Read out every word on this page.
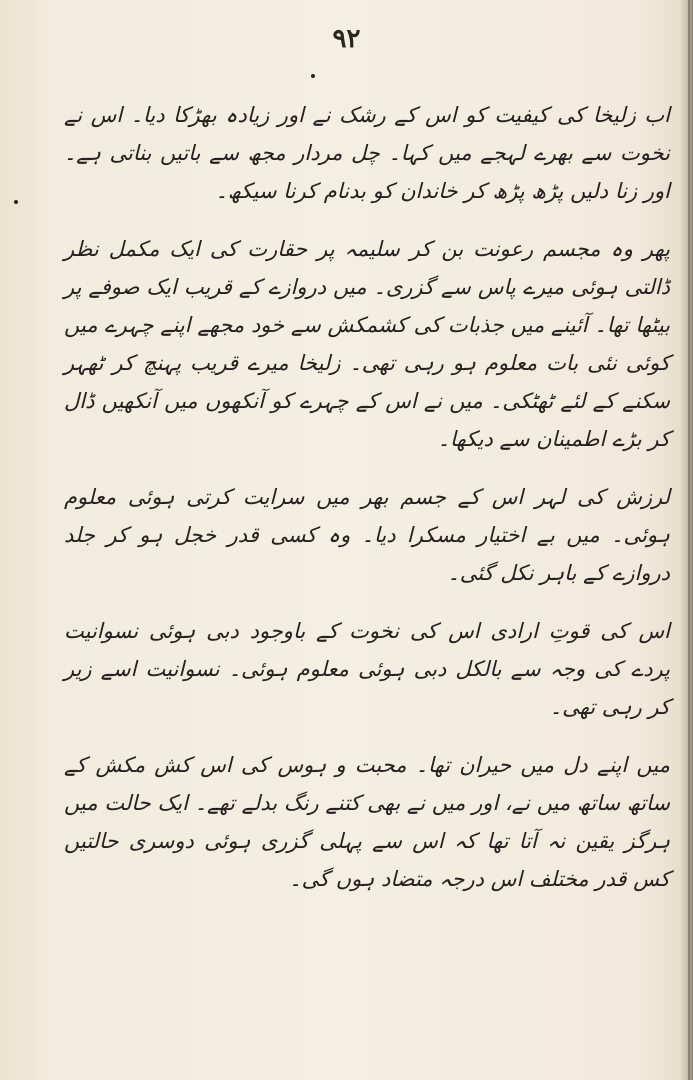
۹۲

اب زلیخا کی کیفیت کو اس کے رشک نے اور زیادہ بھڑکا دیا۔ اس نے نخوت سے بھرے لہجے میں کہا۔ چل مردار مجھ سے باتیں بناتی ہے۔ اور زنا دلیں پڑھ پڑھ کر خاندان کو بدنام کرنا سیکھ۔

پھر وہ مجسم رعونت بن کر سلیمہ پر حقارت کی ایک مکمل نظر ڈالتی ہوئی میرے پاس سے گزری۔ میں دروازے کے قریب ایک صوفے پر بیٹھا تھا۔ آئینے میں جذبات کی کشمکش سے خود مجھے اپنے چہرے میں کوئی نئی بات معلوم ہو رہی تھی۔ زلیخا میرے قریب پہنچ کر ٹھہر سکنے کے لئے ٹھٹکی۔ میں نے اس کے چہرے کو آنکھوں میں آنکھیں ڈال کر بڑے اطمینان سے دیکھا۔

لرزش کی لہر اس کے جسم بھر میں سرایت کرتی ہوئی معلوم ہوئی۔ میں بے اختیار مسکرا دیا۔ وہ کسی قدر خجل ہو کر جلد دروازے کے باہر نکل گئی۔

اس کی قوتِ ارادی اس کی نخوت کے باوجود دبی ہوئی نسوانیت پردے کی وجہ سے بالکل دبی ہوئی معلوم ہوئی۔ نسوانیت اسے زیر کر رہی تھی۔

میں اپنے دل میں حیران تھا۔ محبت و ہوس کی اس کش مکش کے ساتھ ساتھ میں نے، اور میں نے بھی کتنے رنگ بدلے تھے۔ ایک حالت میں ہرگز یقین نہ آتا تھا کہ اس سے پہلی گزری ہوئی دوسری حالتیں کس قدر مختلف اس درجہ متضاد ہوں گی۔
